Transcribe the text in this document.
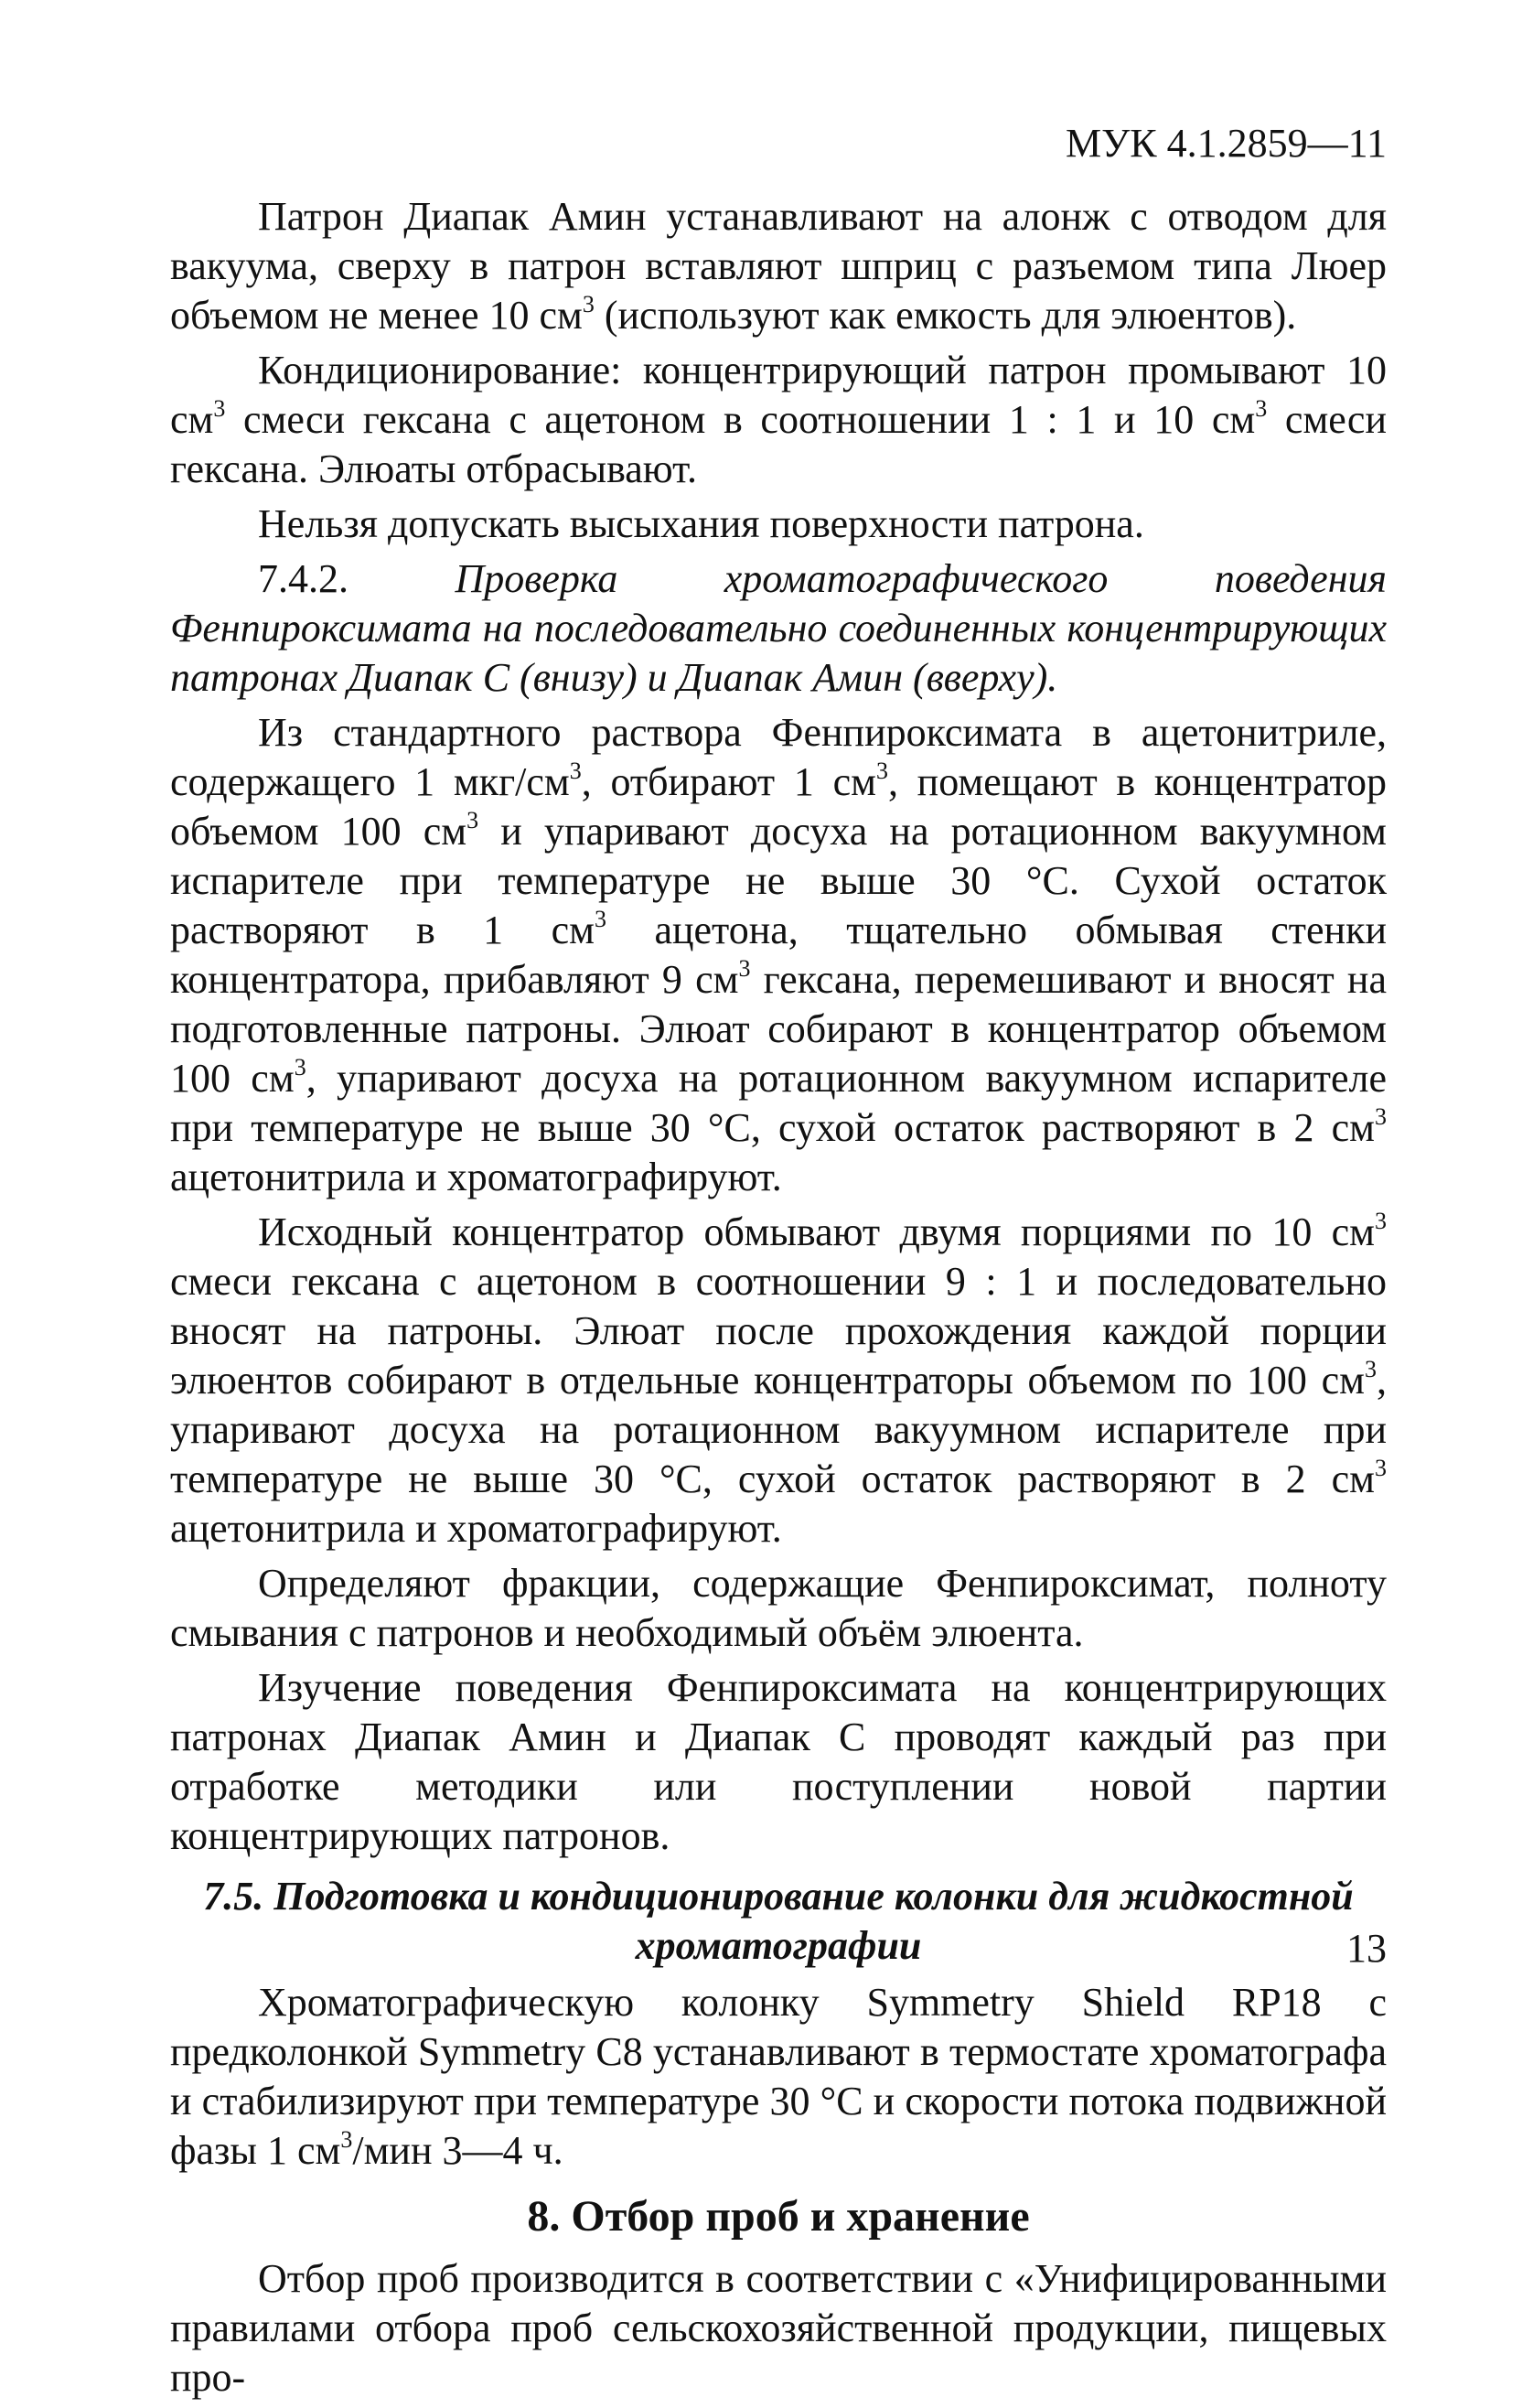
МУК 4.1.2859—11

Патрон Диапак Амин устанавливают на алонж с отводом для вакуума, сверху в патрон вставляют шприц с разъемом типа Люер объемом не менее 10 $см^3$ (используют как емкость для элюентов).

Кондиционирование: концентрирующий патрон промывают 10 $см^3$ смеси гексана с ацетоном в соотношении 1 : 1 и 10 $см^3$ смеси гексана. Элюаты отбрасывают.

Нельзя допускать высыхания поверхности патрона.

7.4.2. Проверка хроматографического поведения Фенпироксимата на последовательно соединенных концентрирующих патронах Диапак С (внизу) и Диапак Амин (вверху).

Из стандартного раствора Фенпироксимата в ацетонитриле, содержащего 1 мкг/$см^3$, отбирают 1 $см^3$, помещают в концентратор объемом 100 $см^3$ и упаривают досуха на ротационном вакуумном испарителе при температуре не выше 30 °С. Сухой остаток растворяют в 1 $см^3$ ацетона, тщательно обмывая стенки концентратора, прибавляют 9 $см^3$ гексана, перемешивают и вносят на подготовленные патроны. Элюат собирают в концентратор объемом 100 $см^3$, упаривают досуха на ротационном вакуумном испарителе при температуре не выше 30 °С, сухой остаток растворяют в 2 $см^3$ ацетонитрила и хроматографируют.

Исходный концентратор обмывают двумя порциями по 10 $см^3$ смеси гексана с ацетоном в соотношении 9 : 1 и последовательно вносят на патроны. Элюат после прохождения каждой порции элюентов собирают в отдельные концентраторы объемом по 100 $см^3$, упаривают досуха на ротационном вакуумном испарителе при температуре не выше 30 °С, сухой остаток растворяют в 2 $см^3$ ацетонитрила и хроматографируют.

Определяют фракции, содержащие Фенпироксимат, полноту смывания с патронов и необходимый объём элюента.

Изучение поведения Фенпироксимата на концентрирующих патронах Диапак Амин и Диапак С проводят каждый раз при отработке методики или поступлении новой партии концентрирующих патронов.

7.5. Подготовка и кондиционирование колонки для жидкостной хроматографии

Хроматографическую колонку Symmetry Shield RP18 с предколонкой Symmetry C8 устанавливают в термостате хроматографа и стабилизируют при температуре 30 °С и скорости потока подвижной фазы 1 $см^3$/мин 3—4 ч.

8. Отбор проб и хранение

Отбор проб производится в соответствии с «Унифицированными правилами отбора проб сельскохозяйственной продукции, пищевых про-

13
